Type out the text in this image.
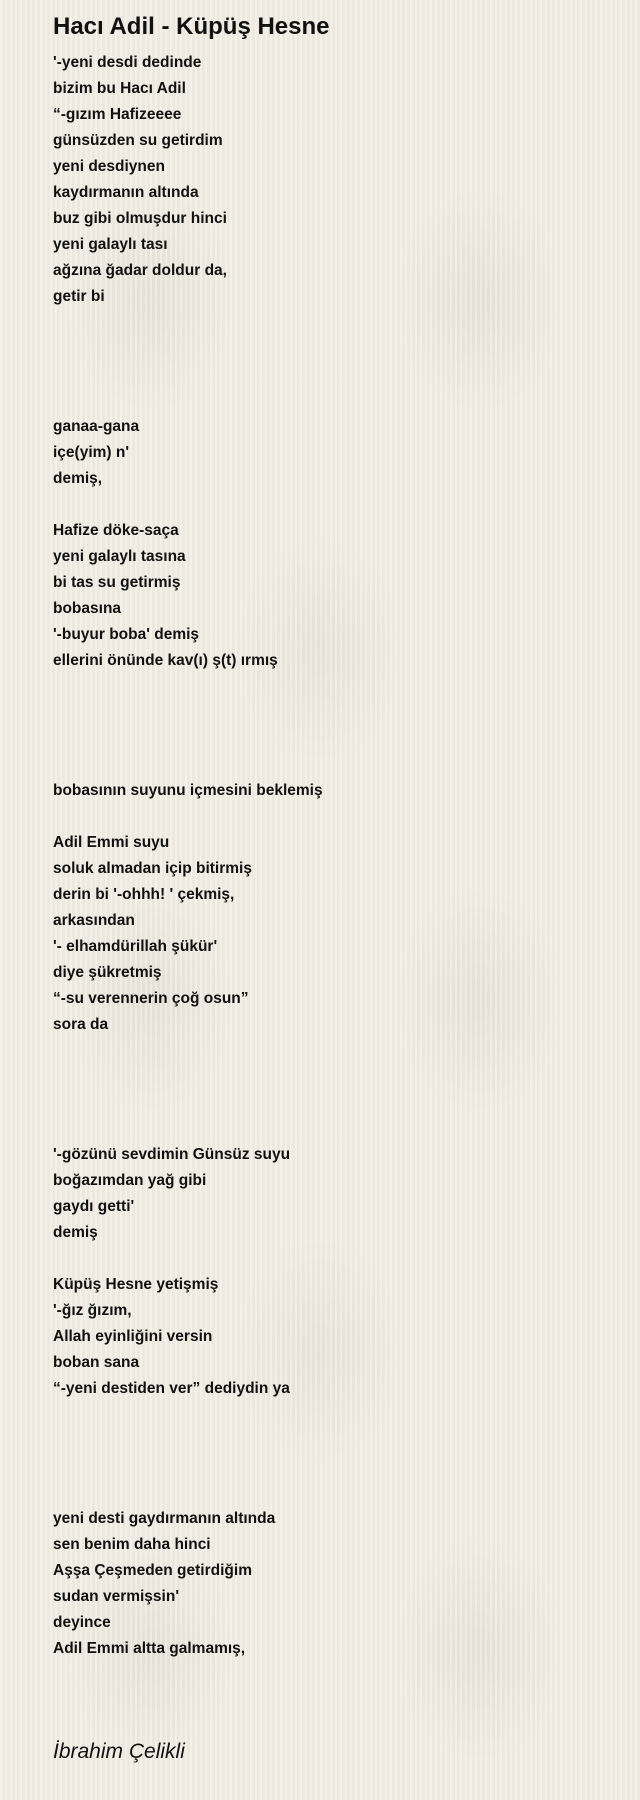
Hacı Adil - Küpüş Hesne
'-yeni desdi dedinde
bizim bu Hacı Adil
“-gızım Hafizeeee
günsüzden su getirdim
yeni desdiynen
kaydırmanın altında
buz gibi olmuşdur hinci
yeni galaylı tası
ağzına ğadar doldur da,
getir bi
ganaa-gana
içe(yim) n'
demiş,
Hafize döke-saça
yeni galaylı tasına
bi tas su getirmiş
bobasına
'-buyur boba' demiş
ellerini önünde kav(ı) ş(t) ırmış
bobasının suyunu içmesini beklemiş
Adil Emmi suyu
soluk almadan içip bitirmiş
derin bi '-ohhh! ' çekmiş,
arkasından
'- elhamdürillah şükür'
diye şükretmiş
“-su verennerin çoğ osun”
sora da
'-gözünü sevdimin Günsüz suyu
boğazımdan yağ gibi
gaydı getti'
demiş
Küpüş Hesne yetişmiş
'-ğız ğızım,
Allah eyinliğini versin
boban sana
“-yeni destiden ver” dediydin ya
yeni desti gaydırmanın altında
sen benim daha hinci
Aşşa Çeşmeden getirdiğim
sudan vermişsin'
deyince
Adil Emmi altta galmamış,
İbrahim Çelikli
